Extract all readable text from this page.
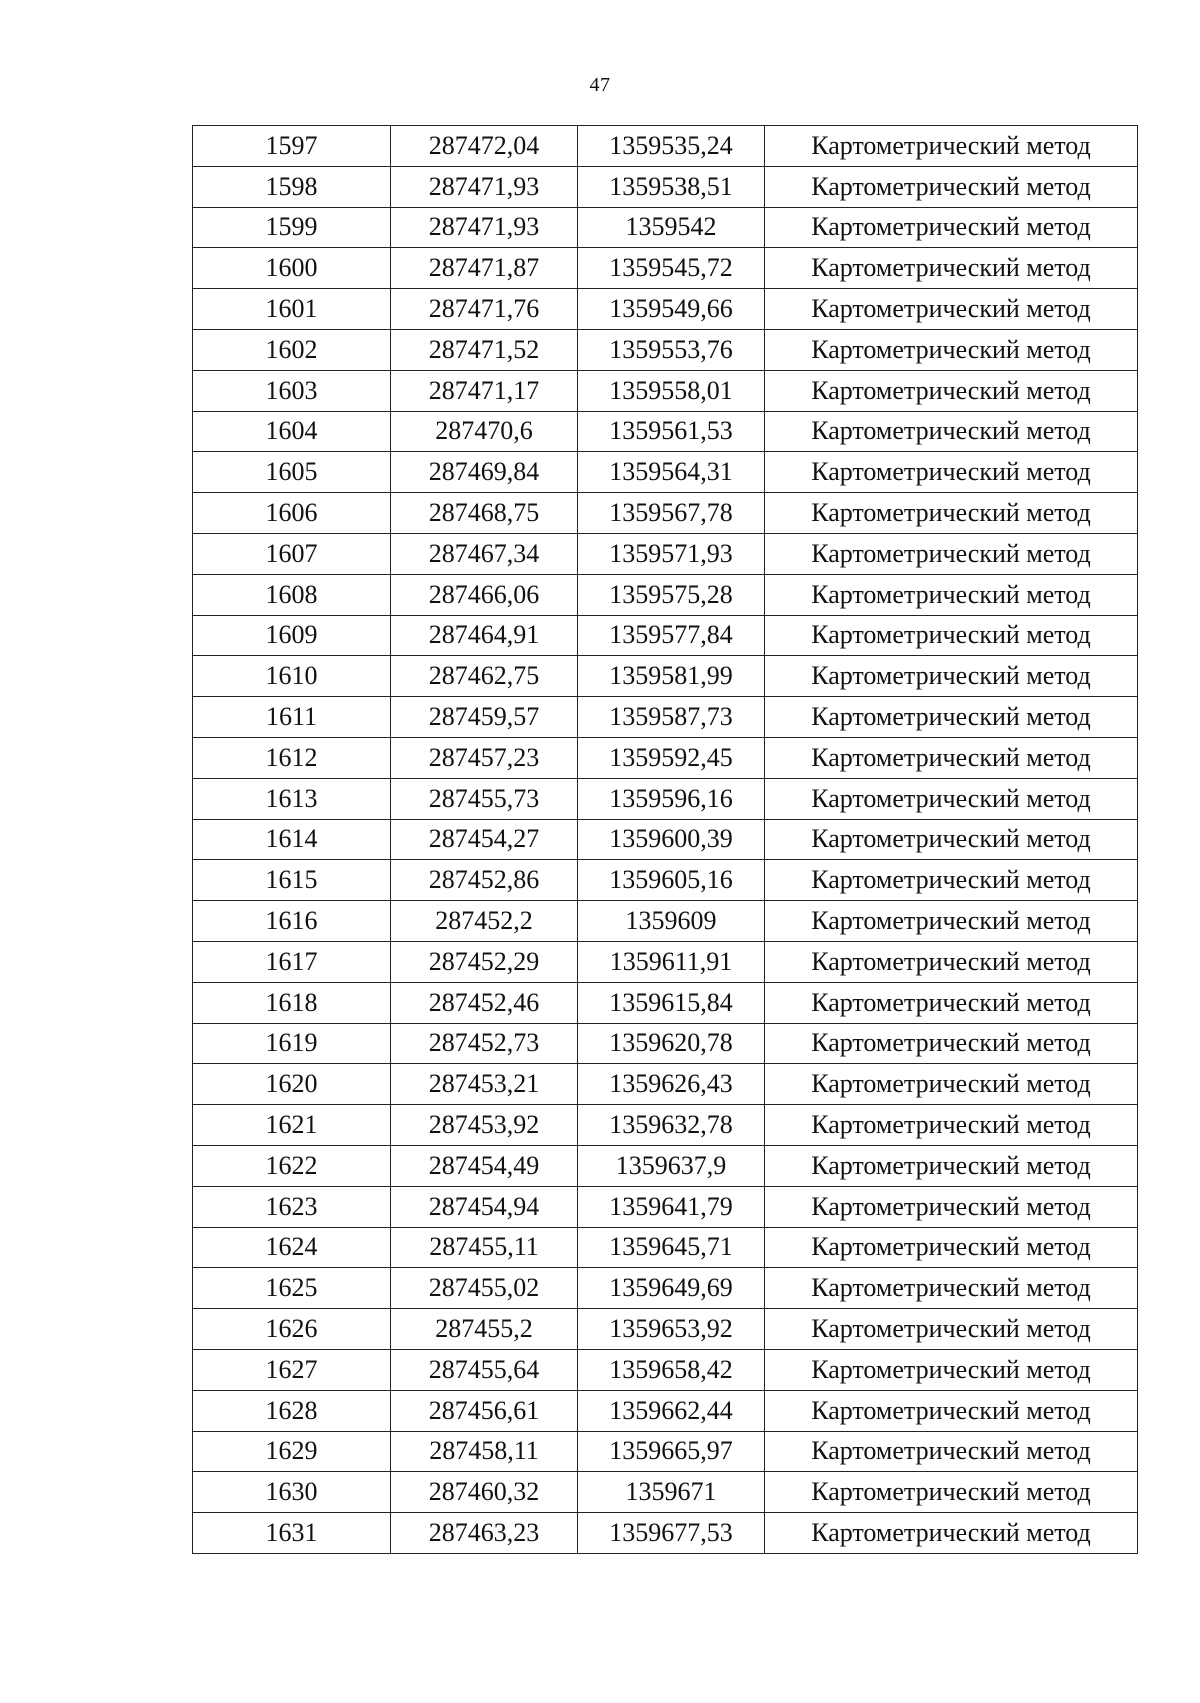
47
1597	287472,04	1359535,24	Картометрический метод
1598	287471,93	1359538,51	Картометрический метод
1599	287471,93	1359542	Картометрический метод
1600	287471,87	1359545,72	Картометрический метод
1601	287471,76	1359549,66	Картометрический метод
1602	287471,52	1359553,76	Картометрический метод
1603	287471,17	1359558,01	Картометрический метод
1604	287470,6	1359561,53	Картометрический метод
1605	287469,84	1359564,31	Картометрический метод
1606	287468,75	1359567,78	Картометрический метод
1607	287467,34	1359571,93	Картометрический метод
1608	287466,06	1359575,28	Картометрический метод
1609	287464,91	1359577,84	Картометрический метод
1610	287462,75	1359581,99	Картометрический метод
1611	287459,57	1359587,73	Картометрический метод
1612	287457,23	1359592,45	Картометрический метод
1613	287455,73	1359596,16	Картометрический метод
1614	287454,27	1359600,39	Картометрический метод
1615	287452,86	1359605,16	Картометрический метод
1616	287452,2	1359609	Картометрический метод
1617	287452,29	1359611,91	Картометрический метод
1618	287452,46	1359615,84	Картометрический метод
1619	287452,73	1359620,78	Картометрический метод
1620	287453,21	1359626,43	Картометрический метод
1621	287453,92	1359632,78	Картометрический метод
1622	287454,49	1359637,9	Картометрический метод
1623	287454,94	1359641,79	Картометрический метод
1624	287455,11	1359645,71	Картометрический метод
1625	287455,02	1359649,69	Картометрический метод
1626	287455,2	1359653,92	Картометрический метод
1627	287455,64	1359658,42	Картометрический метод
1628	287456,61	1359662,44	Картометрический метод
1629	287458,11	1359665,97	Картометрический метод
1630	287460,32	1359671	Картометрический метод
1631	287463,23	1359677,53	Картометрический метод
